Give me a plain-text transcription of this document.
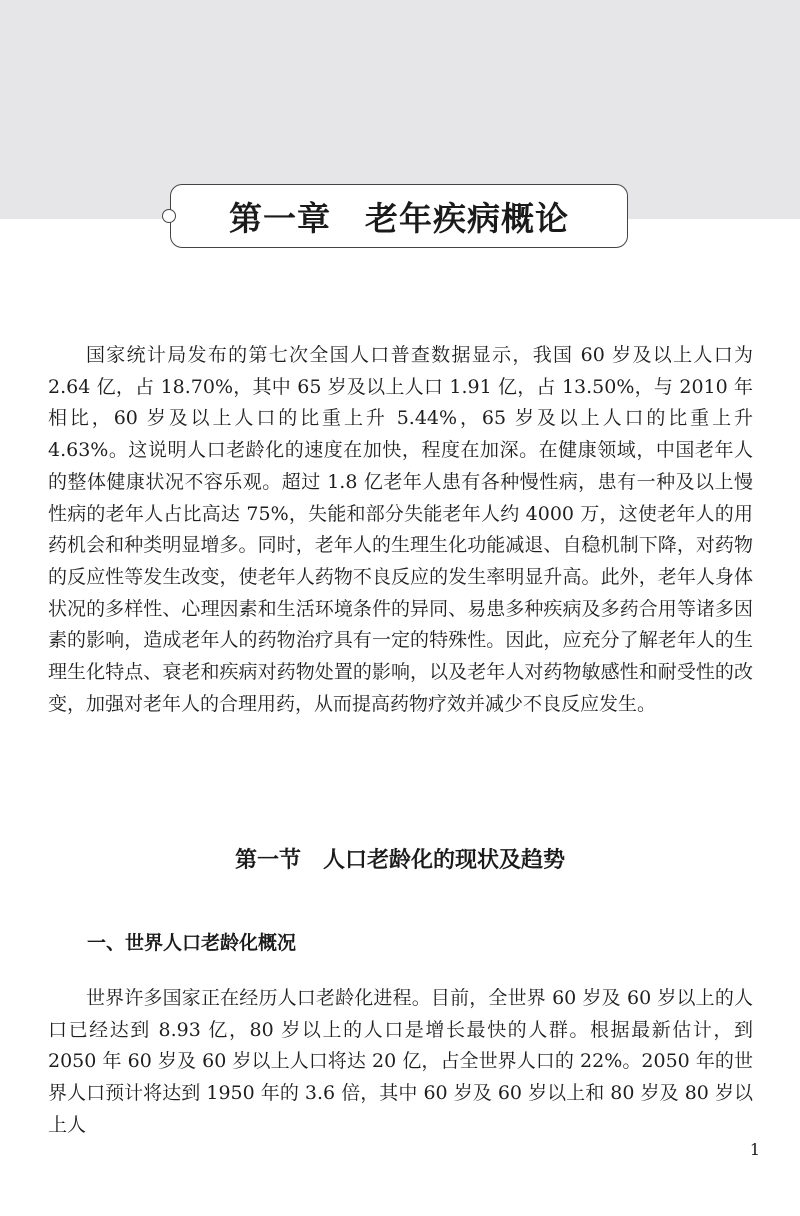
第一章　老年疾病概论

国家统计局发布的第七次全国人口普查数据显示，我国 60 岁及以上人口为 2.64 亿，占 18.70%，其中 65 岁及以上人口 1.91 亿，占 13.50%，与 2010 年相比，60 岁及以上人口的比重上升 5.44%，65 岁及以上人口的比重上升 4.63%。这说明人口老龄化的速度在加快，程度在加深。在健康领域，中国老年人的整体健康状况不容乐观。超过 1.8 亿老年人患有各种慢性病，患有一种及以上慢性病的老年人占比高达 75%，失能和部分失能老年人约 4000 万，这使老年人的用药机会和种类明显增多。同时，老年人的生理生化功能减退、自稳机制下降，对药物的反应性等发生改变，使老年人药物不良反应的发生率明显升高。此外，老年人身体状况的多样性、心理因素和生活环境条件的异同、易患多种疾病及多药合用等诸多因素的影响，造成老年人的药物治疗具有一定的特殊性。因此，应充分了解老年人的生理生化特点、衰老和疾病对药物处置的影响，以及老年人对药物敏感性和耐受性的改变，加强对老年人的合理用药，从而提高药物疗效并减少不良反应发生。

第一节　人口老龄化的现状及趋势
一、世界人口老龄化概况

世界许多国家正在经历人口老龄化进程。目前，全世界 60 岁及 60 岁以上的人口已经达到 8.93 亿，80 岁以上的人口是增长最快的人群。根据最新估计，到 2050 年 60 岁及 60 岁以上人口将达 20 亿，占全世界人口的 22%。2050 年的世界人口预计将达到 1950 年的 3.6 倍，其中 60 岁及 60 岁以上和 80 岁及 80 岁以上人

1
